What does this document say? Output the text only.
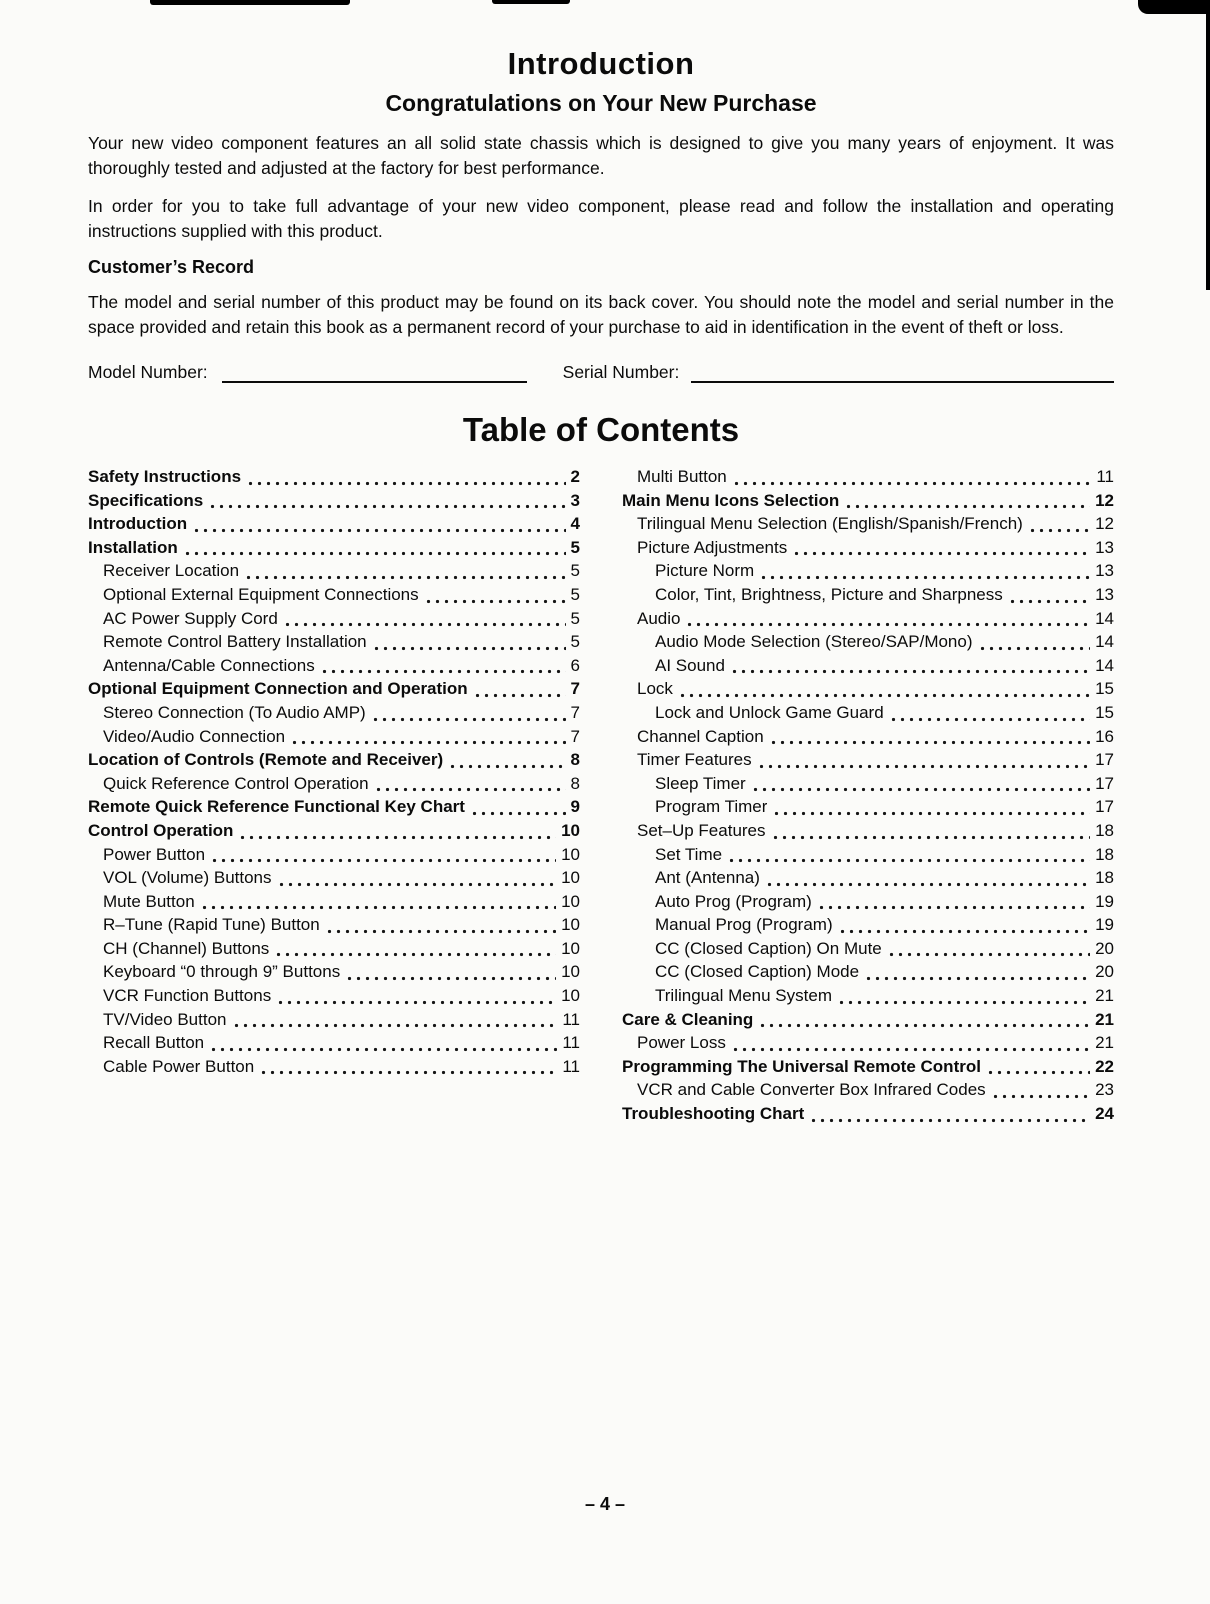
Introduction
Congratulations on Your New Purchase

Your new video component features an all solid state chassis which is designed to give you many years of enjoyment. It was thoroughly tested and adjusted at the factory for best performance.

In order for you to take full advantage of your new video component, please read and follow the installation and operating instructions supplied with this product.

Customer’s Record

The model and serial number of this product may be found on its back cover. You should note the model and serial number in the space provided and retain this book as a permanent record of your purchase to aid in identification in the event of theft or loss.

Model Number:	Serial Number:
Table of Contents
Safety Instructions	2
Specifications	3
Introduction	4
Installation	5
Receiver Location	5
Optional External Equipment Connections	5
AC Power Supply Cord	5
Remote Control Battery Installation	5
Antenna/Cable Connections	6
Optional Equipment Connection and Operation	7
Stereo Connection (To Audio AMP)	7
Video/Audio Connection	7
Location of Controls (Remote and Receiver)	8
Quick Reference Control Operation	8
Remote Quick Reference Functional Key Chart	9
Control Operation	10
Power Button	10
VOL (Volume) Buttons	10
Mute Button	10
R–Tune (Rapid Tune) Button	10
CH (Channel) Buttons	10
Keyboard “0 through 9” Buttons	10
VCR Function Buttons	10
TV/Video Button	11
Recall Button	11
Cable Power Button	11
Multi Button	11
Main Menu Icons Selection	12
Trilingual Menu Selection (English/Spanish/French)	12
Picture Adjustments	13
Picture Norm	13
Color, Tint, Brightness, Picture and Sharpness	13
Audio	14
Audio Mode Selection (Stereo/SAP/Mono)	14
AI Sound	14
Lock	15
Lock and Unlock Game Guard	15
Channel Caption	16
Timer Features	17
Sleep Timer	17
Program Timer	17
Set–Up Features	18
Set Time	18
Ant (Antenna)	18
Auto Prog (Program)	19
Manual Prog (Program)	19
CC (Closed Caption) On Mute	20
CC (Closed Caption) Mode	20
Trilingual Menu System	21
Care & Cleaning	21
Power Loss	21
Programming The Universal Remote Control	22
VCR and Cable Converter Box Infrared Codes	23
Troubleshooting Chart	24
– 4 –
